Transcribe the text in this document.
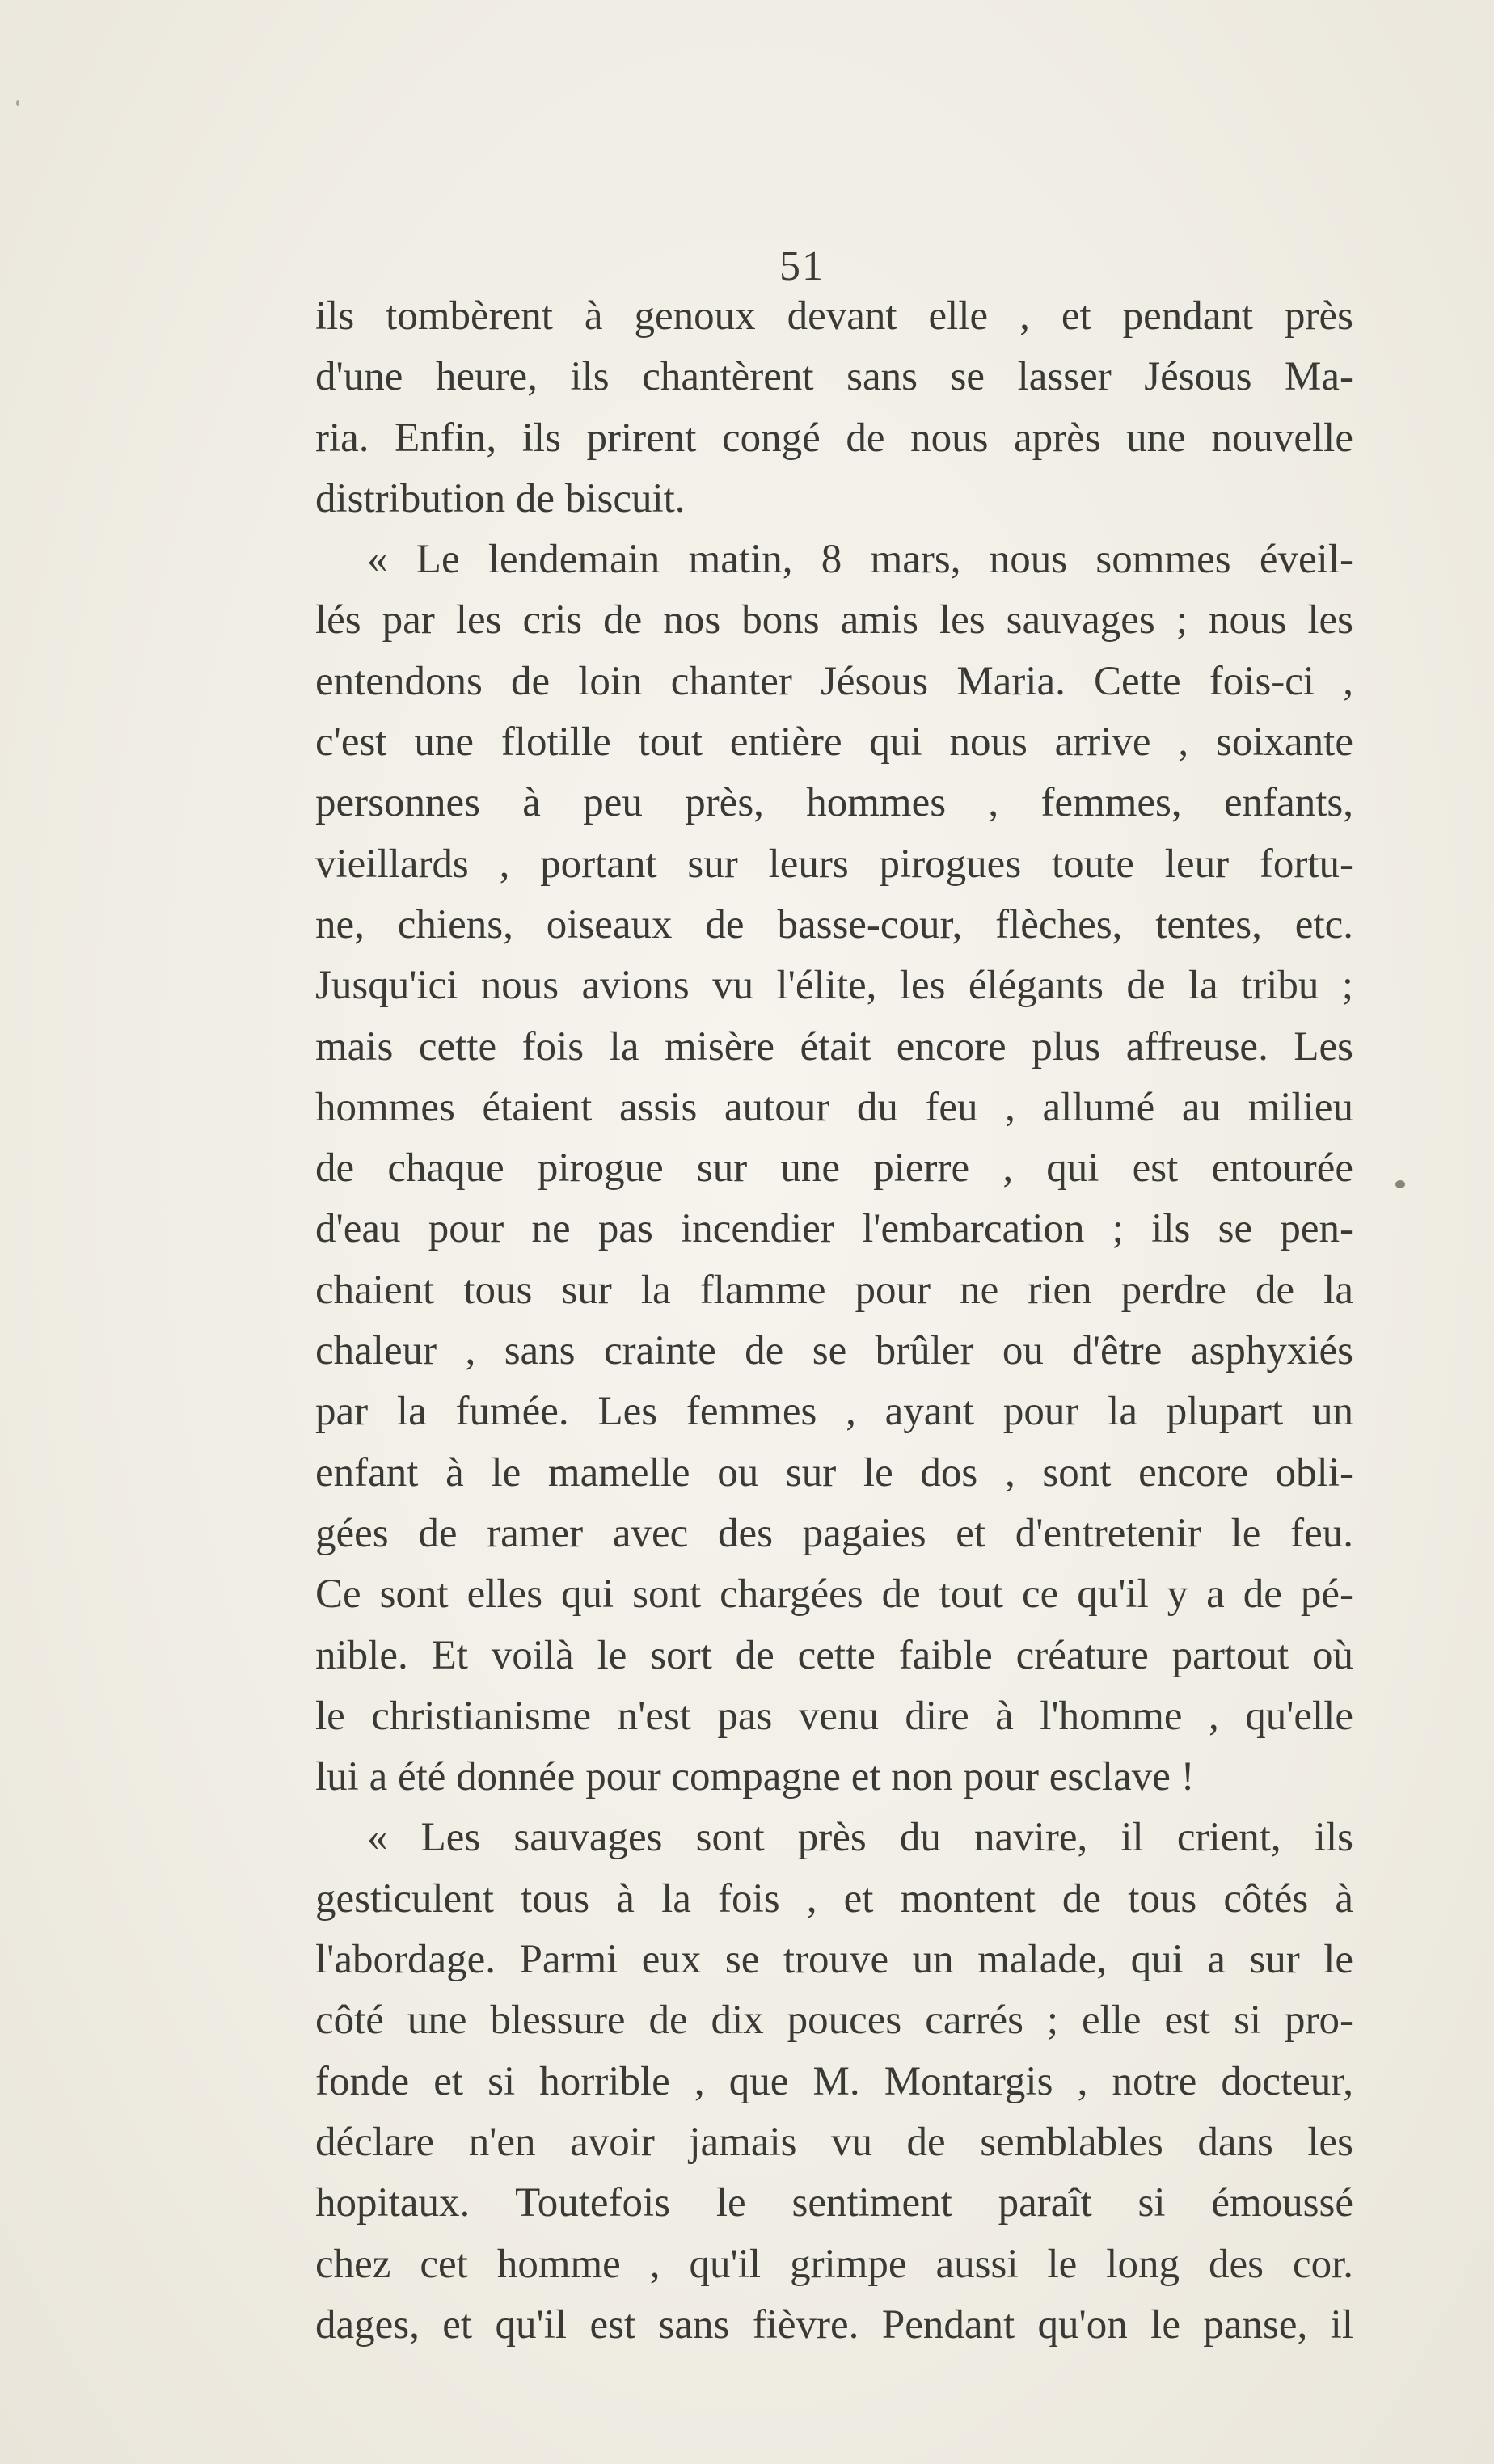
51
ils tombèrent à genoux devant elle , et pendant près
d'une heure, ils chantèrent sans se lasser Jésous Ma-
ria. Enfin, ils prirent congé de nous après une nouvelle
distribution de biscuit.
« Le lendemain matin, 8 mars, nous sommes éveil-
lés par les cris de nos bons amis les sauvages ; nous les
entendons de loin chanter Jésous Maria. Cette fois-ci ,
c'est une flotille tout entière qui nous arrive , soixante
personnes à peu près, hommes , femmes, enfants,
vieillards , portant sur leurs pirogues toute leur fortu-
ne, chiens, oiseaux de basse-cour, flèches, tentes, etc.
Jusqu'ici nous avions vu l'élite, les élégants de la tribu ;
mais cette fois la misère était encore plus affreuse. Les
hommes étaient assis autour du feu , allumé au milieu
de chaque pirogue sur une pierre , qui est entourée
d'eau pour ne pas incendier l'embarcation ; ils se pen-
chaient tous sur la flamme pour ne rien perdre de la
chaleur , sans crainte de se brûler ou d'être asphyxiés
par la fumée. Les femmes , ayant pour la plupart un
enfant à le mamelle ou sur le dos , sont encore obli-
gées de ramer avec des pagaies et d'entretenir le feu.
Ce sont elles qui sont chargées de tout ce qu'il y a de pé-
nible. Et voilà le sort de cette faible créature partout où
le christianisme n'est pas venu dire à l'homme , qu'elle
lui a été donnée pour compagne et non pour esclave !
« Les sauvages sont près du navire, il crient, ils
gesticulent tous à la fois , et montent de tous côtés à
l'abordage. Parmi eux se trouve un malade, qui a sur le
côté une blessure de dix pouces carrés ; elle est si pro-
fonde et si horrible , que M. Montargis , notre docteur,
déclare n'en avoir jamais vu de semblables dans les
hopitaux. Toutefois le sentiment paraît si émoussé
chez cet homme , qu'il grimpe aussi le long des cor.
dages, et qu'il est sans fièvre. Pendant qu'on le panse, il
